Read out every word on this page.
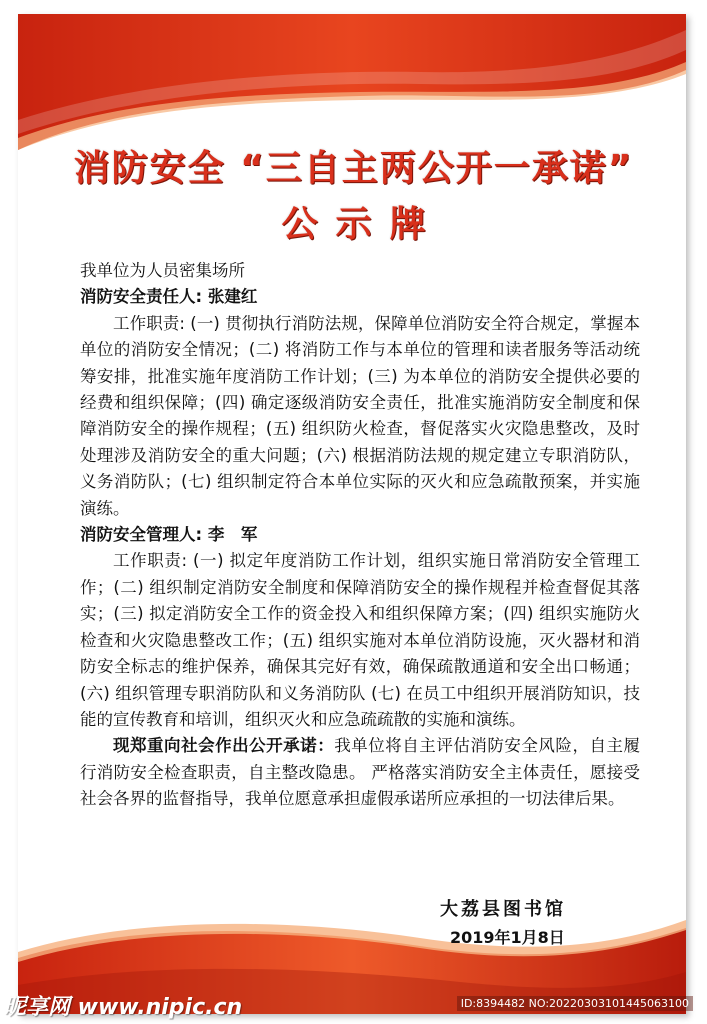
消防安全 “三自主两公开一承诺”
公示牌

我单位为人员密集场所

消防安全责任人: 张建红

工作职责: (一) 贯彻执行消防法规，保障单位消防安全符合规定，掌握本单位的消防安全情况；(二) 将消防工作与本单位的管理和读者服务等活动统筹安排，批准实施年度消防工作计划；(三) 为本单位的消防安全提供必要的经费和组织保障；(四) 确定逐级消防安全责任，批准实施消防安全制度和保障消防安全的操作规程；(五) 组织防火检查，督促落实火灾隐患整改，及时处理涉及消防安全的重大问题；(六) 根据消防法规的规定建立专职消防队，义务消防队；(七) 组织制定符合本单位实际的灭火和应急疏散预案，并实施演练。

消防安全管理人: 李　军

工作职责: (一) 拟定年度消防工作计划，组织实施日常消防安全管理工作；(二) 组织制定消防安全制度和保障消防安全的操作规程并检查督促其落实；(三) 拟定消防安全工作的资金投入和组织保障方案；(四) 组织实施防火检查和火灾隐患整改工作；(五) 组织实施对本单位消防设施，灭火器材和消防安全标志的维护保养，确保其完好有效，确保疏散通道和安全出口畅通；(六) 组织管理专职消防队和义务消防队 (七) 在员工中组织开展消防知识，技能的宣传教育和培训，组织灭火和应急疏疏散的实施和演练。

现郑重向社会作出公开承诺：我单位将自主评估消防安全风险，自主履行消防安全检查职责，自主整改隐患。 严格落实消防安全主体责任，愿接受社会各界的监督指导，我单位愿意承担虚假承诺所应承担的一切法律后果。

大荔县图书馆
2019年1月8日
昵享网 www.nipic.cn	ID:8394482 NO:20220303101445063100
